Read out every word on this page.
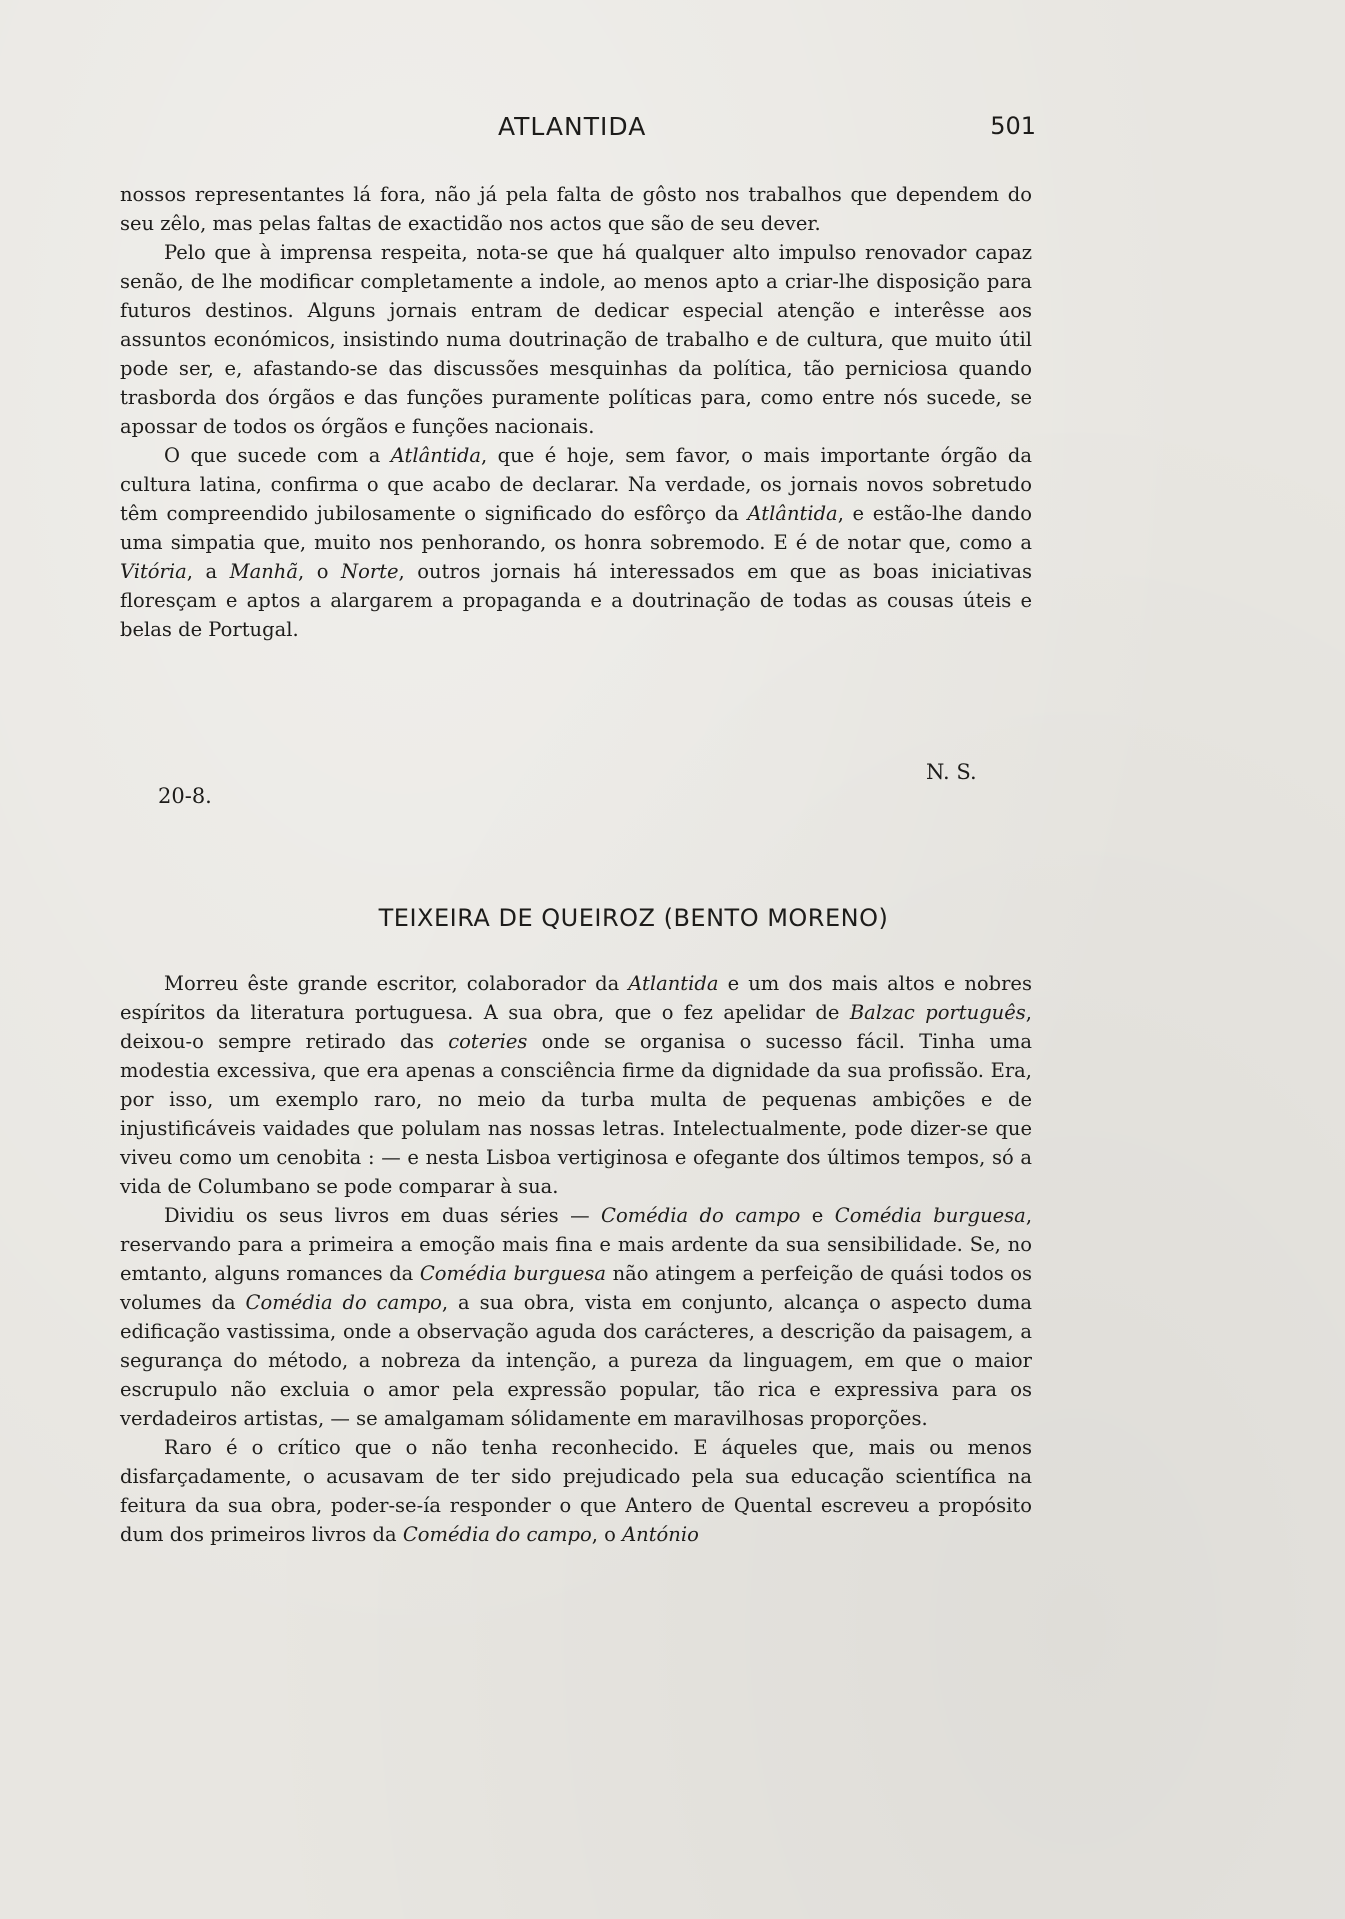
ATLANTIDA	501

nossos representantes lá fora, não já pela falta de gôsto nos trabalhos que dependem do seu zêlo, mas pelas faltas de exactidão nos actos que são de seu dever.

Pelo que à imprensa respeita, nota-se que há qualquer alto impulso renovador capaz senão, de lhe modificar completamente a indole, ao menos apto a criar-lhe disposição para futuros destinos. Alguns jornais entram de dedicar especial atenção e interêsse aos assuntos económicos, insistindo numa doutrinação de trabalho e de cultura, que muito útil pode ser, e, afastando-se das discussões mesquinhas da política, tão perniciosa quando trasborda dos órgãos e das funções puramente políticas para, como entre nós sucede, se apossar de todos os órgãos e funções nacionais.

O que sucede com a Atlântida, que é hoje, sem favor, o mais importante órgão da cultura latina, confirma o que acabo de declarar. Na verdade, os jornais novos sobretudo têm compreendido jubilosamente o significado do esfôrço da Atlântida, e estão-lhe dando uma simpatia que, muito nos penhorando, os honra sobremodo. E é de notar que, como a Vitória, a Manhã, o Norte, outros jornais há interessados em que as boas iniciativas floresçam e aptos a alargarem a propaganda e a doutrinação de todas as cousas úteis e belas de Portugal.

20-8.
N. S.
TEIXEIRA DE QUEIROZ (BENTO MORENO)

Morreu êste grande escritor, colaborador da Atlantida e um dos mais altos e nobres espíritos da literatura portuguesa. A sua obra, que o fez apelidar de Balzac português, deixou-o sempre retirado das coteries onde se organisa o sucesso fácil. Tinha uma modestia excessiva, que era apenas a consciência firme da dignidade da sua profissão. Era, por isso, um exemplo raro, no meio da turba multa de pequenas ambições e de injustificáveis vaidades que polulam nas nossas letras. Intelectualmente, pode dizer-se que viveu como um cenobita : — e nesta Lisboa vertiginosa e ofegante dos últimos tempos, só a vida de Columbano se pode comparar à sua.

Dividiu os seus livros em duas séries — Comédia do campo e Comédia burguesa, reservando para a primeira a emoção mais fina e mais ardente da sua sensibilidade. Se, no emtanto, alguns romances da Comédia burguesa não atingem a perfeição de quási todos os volumes da Comédia do campo, a sua obra, vista em conjunto, alcança o aspecto duma edificação vastissima, onde a observação aguda dos carácteres, a descrição da paisagem, a segurança do método, a nobreza da intenção, a pureza da linguagem, em que o maior escrupulo não excluia o amor pela expressão popular, tão rica e expressiva para os verdadeiros artistas, — se amalgamam sólidamente em maravilhosas proporções.

Raro é o crítico que o não tenha reconhecido. E áqueles que, mais ou menos disfarçadamente, o acusavam de ter sido prejudicado pela sua educação scientífica na feitura da sua obra, poder-se-ía responder o que Antero de Quental escreveu a propósito dum dos primeiros livros da Comédia do campo, o António
